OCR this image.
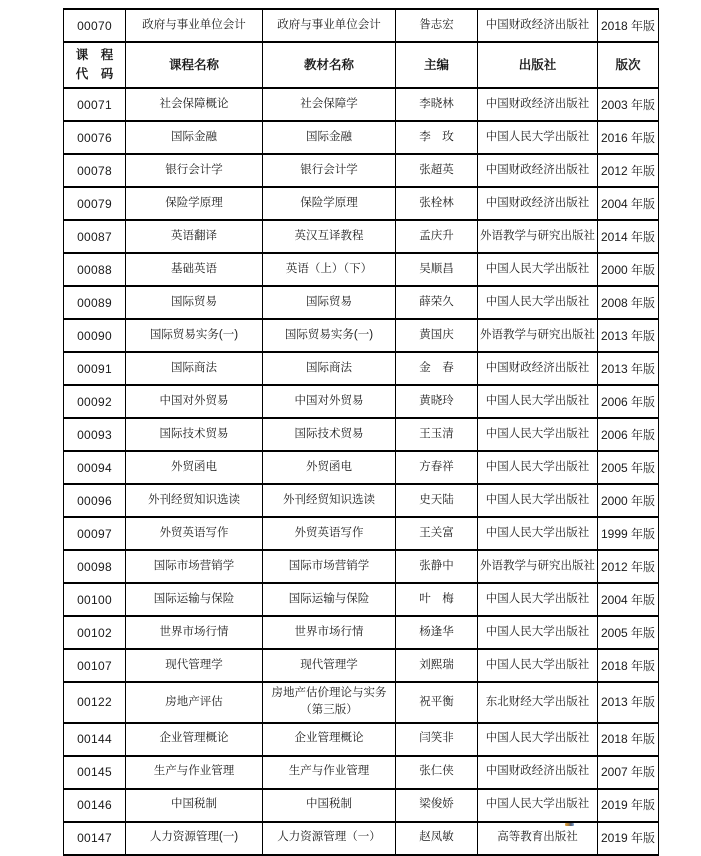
00070	政府与事业单位会计	政府与事业单位会计	昝志宏	中国财政经济出版社	2018 年版

课　程
代　码	课程名称	教材名称	主编	出版社	版次
00071	社会保障概论	社会保障学	李晓林	中国财政经济出版社	2003 年版
00076	国际金融	国际金融	李　玫	中国人民大学出版社	2016 年版
00078	银行会计学	银行会计学	张超英	中国财政经济出版社	2012 年版
00079	保险学原理	保险学原理	张栓林	中国财政经济出版社	2004 年版
00087	英语翻译	英汉互译教程	孟庆升	外语教学与研究出版社	2014 年版
00088	基础英语	英语（上）（下）	吴顺昌	中国人民大学出版社	2000 年版
00089	国际贸易	国际贸易	薛荣久	中国人民大学出版社	2008 年版
00090	国际贸易实务(一)	国际贸易实务(一)	黄国庆	外语教学与研究出版社	2013 年版
00091	国际商法	国际商法	金　春	中国财政经济出版社	2013 年版
00092	中国对外贸易	中国对外贸易	黄晓玲	中国人民大学出版社	2006 年版
00093	国际技术贸易	国际技术贸易	王玉清	中国人民大学出版社	2006 年版
00094	外贸函电	外贸函电	方春祥	中国人民大学出版社	2005 年版
00096	外刊经贸知识选读	外刊经贸知识选读	史天陆	中国人民大学出版社	2000 年版
00097	外贸英语写作	外贸英语写作	王关富	中国人民大学出版社	1999 年版
00098	国际市场营销学	国际市场营销学	张静中	外语教学与研究出版社	2012 年版
00100	国际运输与保险	国际运输与保险	叶　梅	中国人民大学出版社	2004 年版
00102	世界市场行情	世界市场行情	杨逢华	中国人民大学出版社	2005 年版
00107	现代管理学	现代管理学	刘熙瑞	中国人民大学出版社	2018 年版
00122	房地产评估	房地产估价理论与实务（第三版）	祝平衡	东北财经大学出版社	2013 年版
00144	企业管理概论	企业管理概论	闫笑非	中国人民大学出版社	2018 年版
00145	生产与作业管理	生产与作业管理	张仁侠	中国财政经济出版社	2007 年版
00146	中国税制	中国税制	梁俊娇	中国人民大学出版社	2019 年版
00147	人力资源管理(一)	人力资源管理（一）	赵凤敏	高等教育出版社	2019 年版
